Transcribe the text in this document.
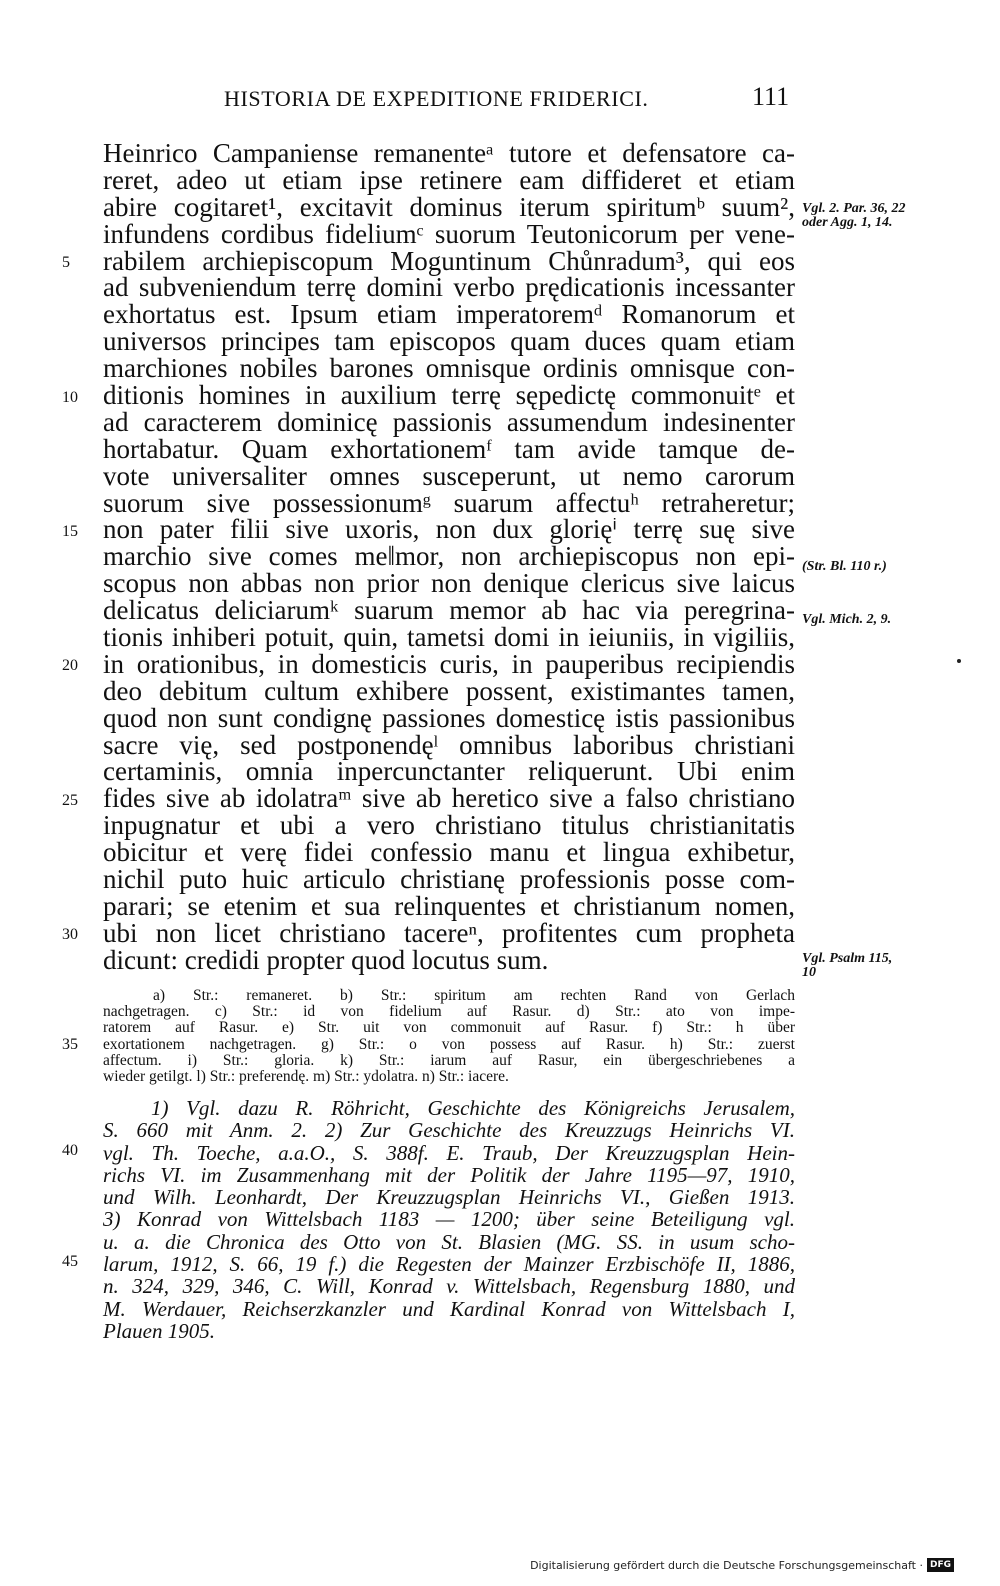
HISTORIA DE EXPEDITIONE FRIDERICI.	111
Heinrico Campaniense remanenteᵃ tutore et defensatore ca-
reret, adeo ut etiam ipse retinere eam diffideret et etiam
abire cogitaret¹, excitavit dominus iterum spiritumᵇ suum²,
infundens cordibus fideliumᶜ suorum Teutonicorum per vene-
rabilem archiepiscopum Moguntinum Chůnradum³, qui eos
ad subveniendum terrę domini verbo prędicationis incessanter
exhortatus est. Ipsum etiam imperatoremᵈ Romanorum et
universos principes tam episcopos quam duces quam etiam
marchiones nobiles barones omnisque ordinis omnisque con-
ditionis homines in auxilium terrę sępedictę commonuitᵉ et
ad caracterem dominicę passionis assumendum indesinenter
hortabatur. Quam exhortationemᶠ tam avide tamque de-
vote universaliter omnes susceperunt, ut nemo carorum
suorum sive possessionumᵍ suarum affectuʰ retraheretur;
non pater filii sive uxoris, non dux glorięⁱ terrę suę sive
marchio sive comes me‖mor, non archiepiscopus non epi-
scopus non abbas non prior non denique clericus sive laicus
delicatus deliciarumᵏ suarum memor ab hac via peregrina-
tionis inhiberi potuit, quin, tametsi domi in ieiuniis, in vigiliis,
in orationibus, in domesticis curis, in pauperibus recipiendis
deo debitum cultum exhibere possent, existimantes tamen,
quod non sunt condignę passiones domesticę istis passionibus
sacre vię, sed postponendęˡ omnibus laboribus christiani
certaminis, omnia inpercunctanter reliquerunt. Ubi enim
fides sive ab idolatraᵐ sive ab heretico sive a falso christiano
inpugnatur et ubi a vero christiano titulus christianitatis
obicitur et verę fidei confessio manu et lingua exhibetur,
nichil puto huic articulo christianę professionis posse com-
parari; se etenim et sua relinquentes et christianum nomen,
ubi non licet christiano tacereⁿ, profitentes cum propheta
dicunt: credidi propter quod locutus sum.
5
10
15
20
25
30
35
40
45
Vgl. 2. Par. 36, 22 oder Agg. 1, 14.
(Str. Bl. 110 r.)
Vgl. Mich. 2, 9.
Vgl. Psalm 115, 10
a) Str.: remaneret. b) Str.: spiritum am rechten Rand von Gerlach
nachgetragen. c) Str.: id von fidelium auf Rasur. d) Str.: ato von impe-
ratorem auf Rasur. e) Str. uit von commonuit auf Rasur. f) Str.: h über
exortationem nachgetragen. g) Str.: o von possess auf Rasur. h) Str.: zuerst
affectum. i) Str.: gloria. k) Str.: iarum auf Rasur, ein übergeschriebenes a
wieder getilgt. l) Str.: preferendę. m) Str.: ydolatra. n) Str.: iacere.
1) Vgl. dazu R. Röhricht, Geschichte des Königreichs Jerusalem,
S. 660 mit Anm. 2. 2) Zur Geschichte des Kreuzzugs Heinrichs VI.
vgl. Th. Toeche, a.a.O., S. 388f. E. Traub, Der Kreuzzugsplan Hein-
richs VI. im Zusammenhang mit der Politik der Jahre 1195—97, 1910,
und Wilh. Leonhardt, Der Kreuzzugsplan Heinrichs VI., Gießen 1913.
3) Konrad von Wittelsbach 1183 — 1200; über seine Beteiligung vgl.
u. a. die Chronica des Otto von St. Blasien (MG. SS. in usum scho-
larum, 1912, S. 66, 19 f.) die Regesten der Mainzer Erzbischöfe II, 1886,
n. 324, 329, 346, C. Will, Konrad v. Wittelsbach, Regensburg 1880, und
M. Werdauer, Reichserzkanzler und Kardinal Konrad von Wittelsbach I,
Plauen 1905.
Digitalisierung gefördert durch die Deutsche Forschungsgemeinschaft · DFG
